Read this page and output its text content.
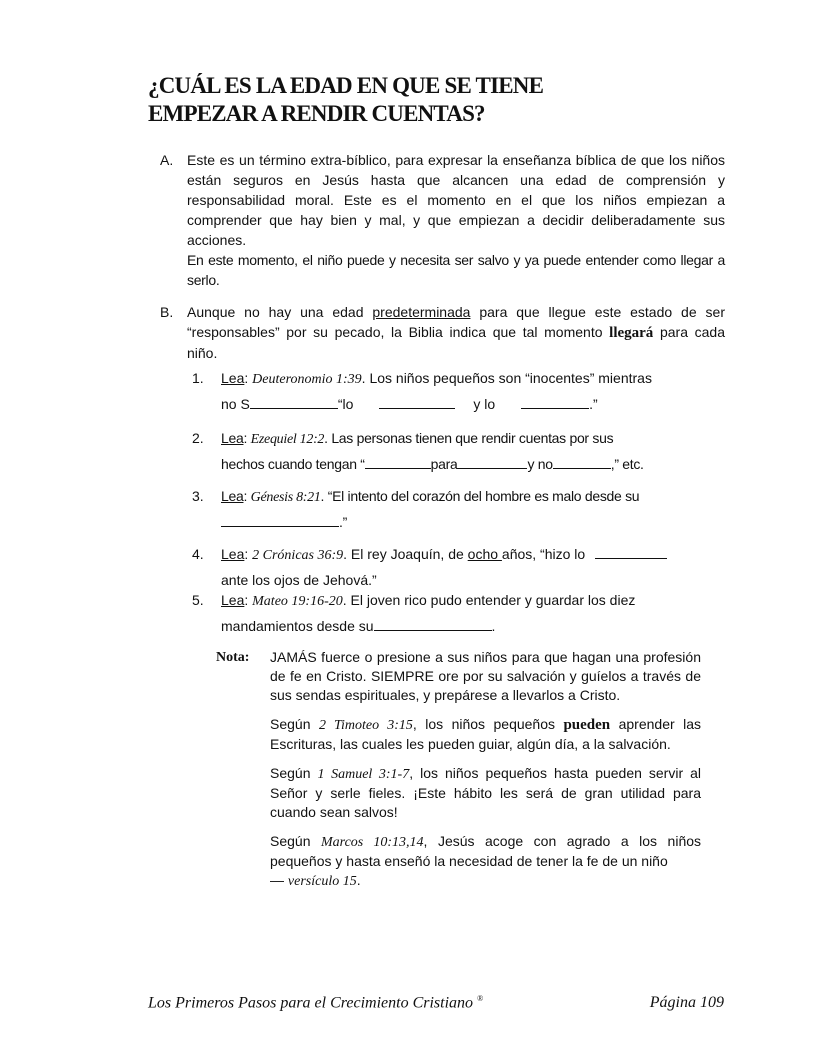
¿CUÁL ES LA EDAD EN QUE SE TIENE
EMPEZAR A RENDIR CUENTAS?
A. Este es un término extra-bíblico, para expresar la enseñanza bíblica de que los niños están seguros en Jesús hasta que alcancen una edad de comprensión y responsabilidad moral. Este es el momento en el que los niños empiezan a comprender que hay bien y mal, y que empiezan a decidir deliberadamente sus acciones.
En este momento, el niño puede y necesita ser salvo y ya puede entender como llegar a serlo.
B. Aunque no hay una edad predeterminada para que llegue este estado de ser “responsables” por su pecado, la Biblia indica que tal momento llegará para cada niño.
1. Lea: Deuteronomio 1:39. Los niños pequeños son “inocentes” mientras
no S	“lo	y lo	.”
2. Lea: Ezequiel 12:2. Las personas tienen que rendir cuentas por sus
hechos cuando tengan “	para	y no	,” etc.
3. Lea: Génesis 8:21. “El intento del corazón del hombre es malo desde su
.”
4. Lea: 2 Crónicas 36:9. El rey Joaquín, de ocho años, “hizo lo
ante los ojos de Jehová.”
5. Lea: Mateo 19:16-20. El joven rico pudo entender y guardar los diez
mandamientos desde su	.
Nota: JAMÁS fuerce o presione a sus niños para que hagan una profesión de fe en Cristo. SIEMPRE ore por su salvación y guíelos a través de sus sendas espirituales, y prepárese a llevarlos a Cristo.
Según 2 Timoteo 3:15, los niños pequeños pueden aprender las Escrituras, las cuales les pueden guiar, algún día, a la salvación.
Según 1 Samuel 3:1-7, los niños pequeños hasta pueden servir al Señor y serle fieles. ¡Este hábito les será de gran utilidad para cuando sean salvos!
Según Marcos 10:13,14, Jesús acoge con agrado a los niños pequeños y hasta enseñó la necesidad de tener la fe de un niño
— versículo 15.
Los Primeros Pasos para el Crecimiento Cristiano ®	Página 109
